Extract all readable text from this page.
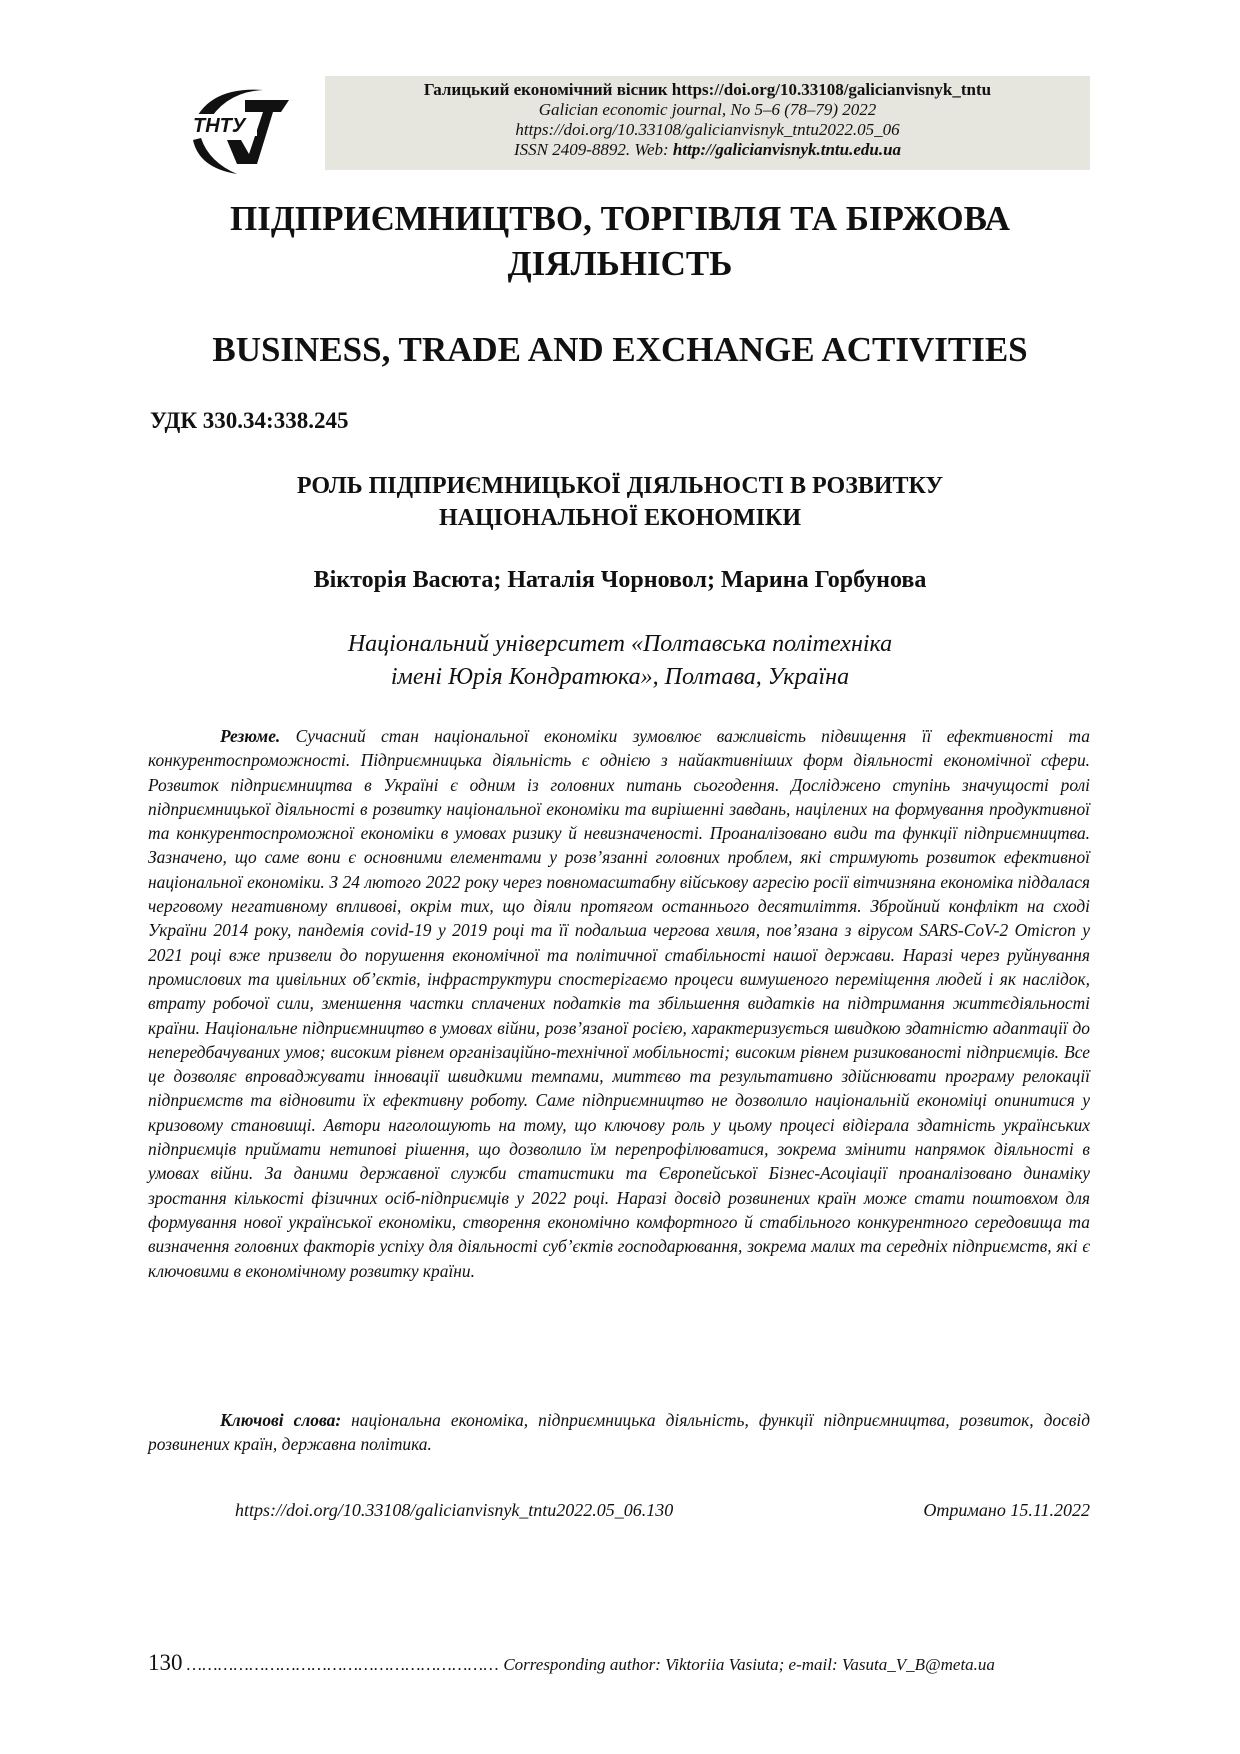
ТНТУ

Галицький економічний вісник https://doi.org/10.33108/galicianvisnyk_tntu

Galician economic journal, No 5–6 (78–79) 2022

https://doi.org/10.33108/galicianvisnyk_tntu2022.05_06

ISSN 2409-8892. Web: http://galicianvisnyk.tntu.edu.ua

ПІДПРИЄМНИЦТВО, ТОРГІВЛЯ ТА БІРЖОВА
ДІЯЛЬНІСТЬ
BUSINESS, TRADE AND EXCHANGE ACTIVITIES
УДК 330.34:338.245
РОЛЬ ПІДПРИЄМНИЦЬКОЇ ДІЯЛЬНОСТІ В РОЗВИТКУ
НАЦІОНАЛЬНОЇ ЕКОНОМІКИ
Вікторія Васюта; Наталія Чорновол; Марина Горбунова
Національний університет «Полтавська політехніка
імені Юрія Кондратюка», Полтава, Україна

Резюме. Сучасний стан національної економіки зумовлює важливість підвищення її ефективності та конкурентоспроможності. Підприємницька діяльність є однією з найактивніших форм діяльності економічної сфери. Розвиток підприємництва в Україні є одним із головних питань сьогодення. Досліджено ступінь значущості ролі підприємницької діяльності в розвитку національної економіки та вирішенні завдань, націлених на формування продуктивної та конкурентоспроможної економіки в умовах ризику й невизначеності. Проаналізовано види та функції підприємництва. Зазначено, що саме вони є основними елементами у розв’язанні головних проблем, які стримують розвиток ефективної національної економіки. З 24 лютого 2022 року через повномасштабну військову агресію росії вітчизняна економіка піддалася черговому негативному впливові, окрім тих, що діяли протягом останнього десятиліття. Збройний конфлікт на сході України 2014 року, пандемія covid-19 у 2019 році та її подальша чергова хвиля, пов’язана з вірусом SARS-CoV-2 Omicron у 2021 році вже призвели до порушення економічної та політичної стабільності нашої держави. Наразі через руйнування промислових та цивільних об’єктів, інфраструктури спостерігаємо процеси вимушеного переміщення людей і як наслідок, втрату робочої сили, зменшення частки сплачених податків та збільшення видатків на підтримання життєдіяльності країни. Національне підприємництво в умовах війни, розв’язаної росією, характеризується швидкою здатністю адаптації до непередбачуваних умов; високим рівнем організаційно-технічної мобільності; високим рівнем ризикованості підприємців. Все це дозволяє впроваджувати інновації швидкими темпами, миттєво та результативно здійснювати програму релокації підприємств та відновити їх ефективну роботу. Саме підприємництво не дозволило національній економіці опинитися у кризовому становищі. Автори наголошують на тому, що ключову роль у цьому процесі відіграла здатність українських підприємців приймати нетипові рішення, що дозволило їм перепрофілюватися, зокрема змінити напрямок діяльності в умовах війни. За даними державної служби статистики та Європейської Бізнес-Асоціації проаналізовано динаміку зростання кількості фізичних осіб-підприємців у 2022 році. Наразі досвід розвинених країн може стати поштовхом для формування нової української економіки, створення економічно комфортного й стабільного конкурентного середовища та визначення головних факторів успіху для діяльності суб’єктів господарювання, зокрема малих та середніх підприємств, які є ключовими в економічному розвитку країни.

Ключові слова: національна економіка, підприємницька діяльність, функції підприємництва, розвиток, досвід розвинених країн, державна політика.

https://doi.org/10.33108/galicianvisnyk_tntu2022.05_06.130	Отримано 15.11.2022
130 …………………………………………………… Corresponding author: Viktoriia Vasiuta; e-mail: Vasuta_V_B@meta.ua
